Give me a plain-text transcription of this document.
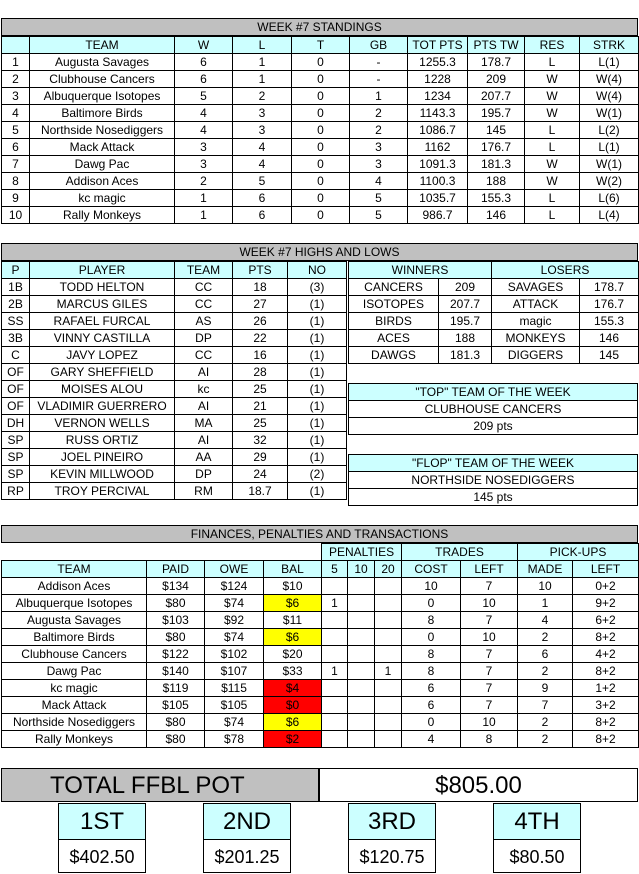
WEEK #7 STANDINGS
	TEAM	W	L	T	GB	TOT PTS	PTS TW	RES	STRK
1	Augusta Savages	6	1	0	-	1255.3	178.7	L	L(1)
2	Clubhouse Cancers	6	1	0	-	1228	209	W	W(4)
3	Albuquerque Isotopes	5	2	0	1	1234	207.7	W	W(4)
4	Baltimore Birds	4	3	0	2	1143.3	195.7	W	W(1)
5	Northside Nosediggers	4	3	0	2	1086.7	145	L	L(2)
6	Mack Attack	3	4	0	3	1162	176.7	L	L(1)
7	Dawg Pac	3	4	0	3	1091.3	181.3	W	W(1)
8	Addison Aces	2	5	0	4	1100.3	188	W	W(2)
9	kc magic	1	6	0	5	1035.7	155.3	L	L(6)
10	Rally Monkeys	1	6	0	5	986.7	146	L	L(4)
WEEK #7 HIGHS AND LOWS
P	PLAYER	TEAM	PTS	NO
1B	TODD HELTON	CC	18	(3)
2B	MARCUS GILES	CC	27	(1)
SS	RAFAEL FURCAL	AS	26	(1)
3B	VINNY CASTILLA	DP	22	(1)
C	JAVY LOPEZ	CC	16	(1)
OF	GARY SHEFFIELD	AI	28	(1)
OF	MOISES ALOU	kc	25	(1)
OF	VLADIMIR GUERRERO	AI	21	(1)
DH	VERNON WELLS	MA	25	(1)
SP	RUSS ORTIZ	AI	32	(1)
SP	JOEL PINEIRO	AA	29	(1)
SP	KEVIN MILLWOOD	DP	24	(2)
RP	TROY PERCIVAL	RM	18.7	(1)
WINNERS		LOSERS	
CANCERS	209	SAVAGES	178.7
ISOTOPES	207.7	ATTACK	176.7
BIRDS	195.7	magic	155.3
ACES	188	MONKEYS	146
DAWGS	181.3	DIGGERS	145
"TOP" TEAM OF THE WEEK
CLUBHOUSE CANCERS
209 pts
"FLOP" TEAM OF THE WEEK
NORTHSIDE NOSEDIGGERS
145 pts
FINANCES, PENALTIES AND TRANSACTIONS
				PENALTIES			TRADES		PICK-UPS	
TEAM	PAID	OWE	BAL	5	10	20	COST	LEFT	MADE	LEFT
Addison Aces	$134	$124	$10				10	7	10	0+2
Albuquerque Isotopes	$80	$74	$6	1			0	10	1	9+2
Augusta Savages	$103	$92	$11				8	7	4	6+2
Baltimore Birds	$80	$74	$6				0	10	2	8+2
Clubhouse Cancers	$122	$102	$20				8	7	6	4+2
Dawg Pac	$140	$107	$33	1		1	8	7	2	8+2
kc magic	$119	$115	$4				6	7	9	1+2
Mack Attack	$105	$105	$0				6	7	7	3+2
Northside Nosediggers	$80	$74	$6				0	10	2	8+2
Rally Monkeys	$80	$78	$2				4	8	2	8+2
TOTAL FFBL POT	$805.00
1ST
$402.50
2ND
$201.25
3RD
$120.75
4TH
$80.50
